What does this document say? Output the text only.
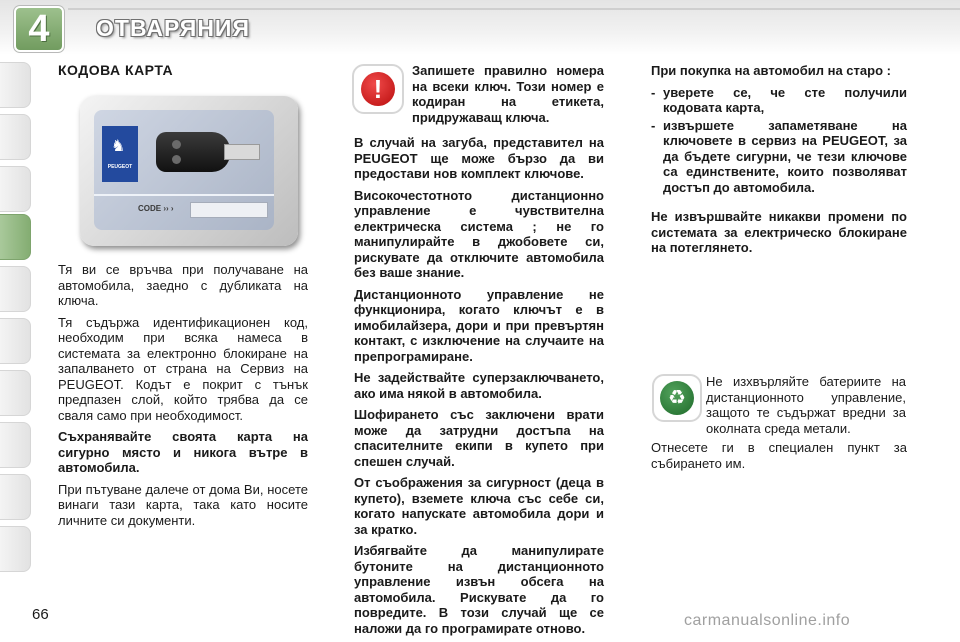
4	ОТВАРЯНИЯ
КОДОВА КАРТА
♞
PEUGEOT
CODE ›› ›

Тя ви се връчва при получаване на автомобила, заедно с дубликата на ключа.

Тя съдържа идентификационен код, необходим при всяка намеса в системата за електронно блокиране на запалването от страна на Сервиз на PEUGEOT. Кодът е покрит с тънък предпазен слой, който трябва да се сваля само при необходимост.

Съхранявайте своята карта на сигурно място и никога вътре в автомобила.

При пътуване далече от дома Ви, носете винаги тази карта, така като носите личните си документи.

!

Запишете правилно номера на всеки ключ. Този номер е кодиран на етикета, придружаващ ключа.

В случай на загуба, представител на PEUGEOT ще може бързо да ви предостави нов комплект ключове.

Високочестотното дистанционно управление е чувствителна електрическа система ; не го манипулирайте в джобовете си, рискувате да отключите автомобила без ваше знание.

Дистанционното управление не функционира, когато ключът е в имобилайзера, дори и при превъртян контакт, с изключение на случаите на препрограмиране.

Не задействайте суперзаключването, ако има някой в автомобила.

Шофирането със заключени врати може да затрудни достъпа на спасителните екипи в купето при спешен случай.

От съображения за сигурност (деца в купето), вземете ключа със себе си, когато напускате автомобила дори и за кратко.

Избягвайте да манипулирате бутоните на дистанционното управление извън обсега на автомобила. Рискувате да го повредите. В този случай ще се наложи да го програмирате отново.

При покупка на автомобил на старо :

- уверете се, че сте получили кодовата карта,
- извършете запаметяване на ключовете в сервиз на PEUGEOT, за да бъдете сигурни, че тези ключове са единствените, които позволяват достъп до автомобила.

Не извършвайте никакви промени по системата за електрическо блокиране на потеглянето.

♻

Не изхвърляйте батериите на дистанционното управление, защото те съдържат вредни за околната среда метали.

Отнесете ги в специален пункт за събирането им.

66	carmanualsonline.info
